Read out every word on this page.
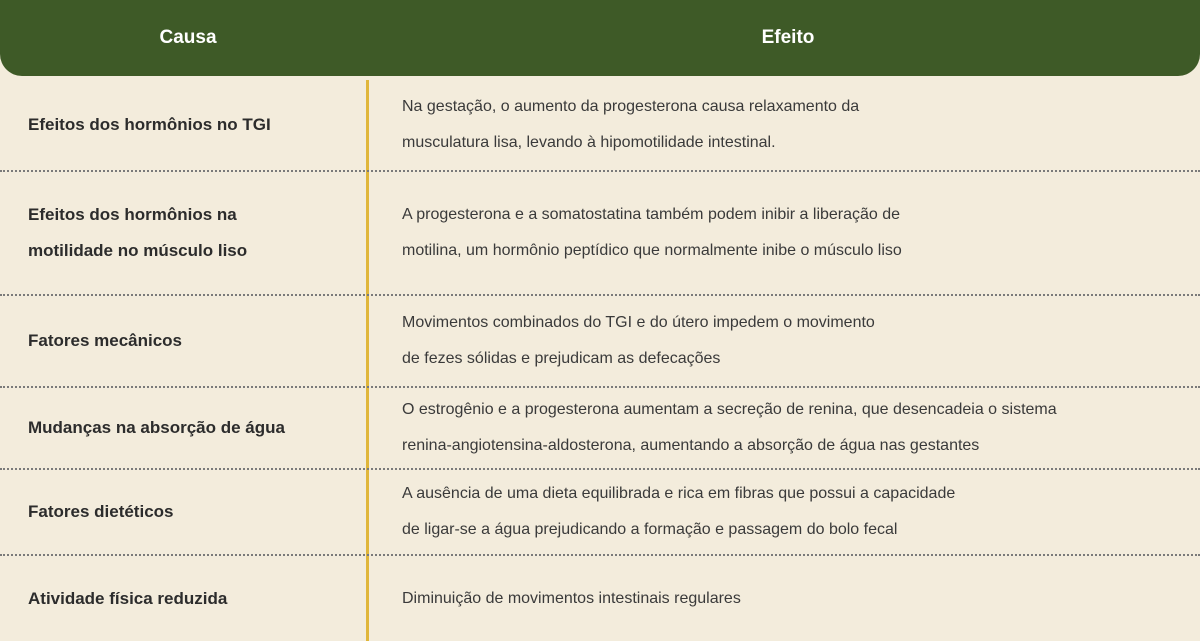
Causa	Efeito
Efeitos dos hormônios no TGI
Na gestação, o aumento da progesterona causa relaxamento da
musculatura lisa, levando à hipomotilidade intestinal.
Efeitos dos hormônios na
motilidade no músculo liso
A progesterona e a somatostatina também podem inibir a liberação de
motilina, um hormônio peptídico que normalmente inibe o músculo liso
Fatores mecânicos
Movimentos combinados do TGI e do útero impedem o movimento
de fezes sólidas e prejudicam as defecações
Mudanças na absorção de água
O estrogênio e a progesterona aumentam a secreção de renina, que desencadeia o sistema
renina-angiotensina-aldosterona, aumentando a absorção de água nas gestantes
Fatores dietéticos
A ausência de uma dieta equilibrada e rica em fibras que possui a capacidade
de ligar-se a água prejudicando a formação e passagem do bolo fecal
Atividade física reduzida	Diminuição de movimentos intestinais regulares
